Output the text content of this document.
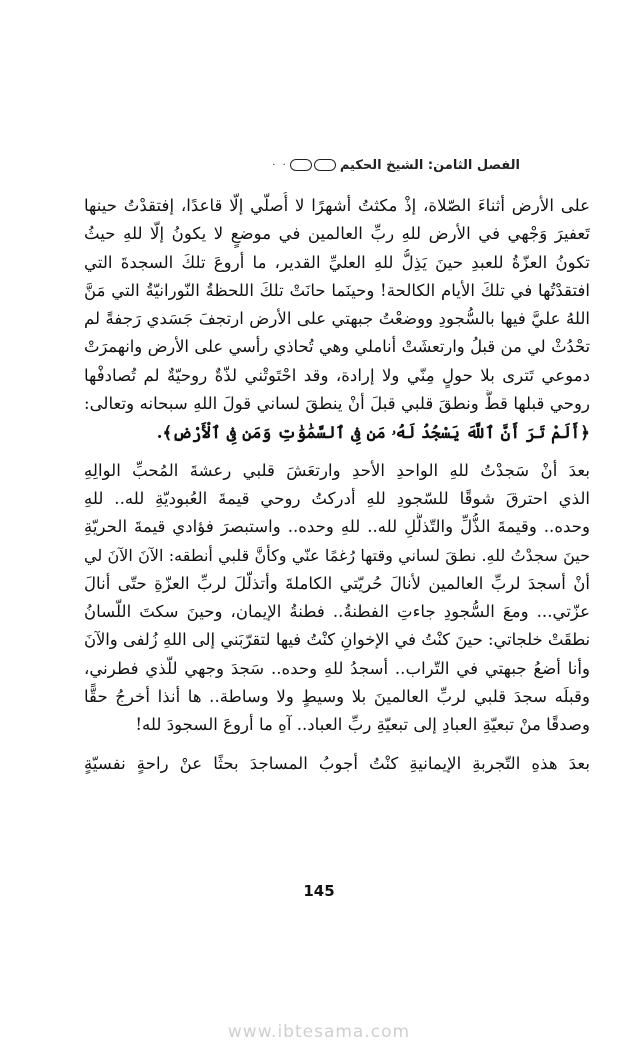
الفصل الثامن: الشيخ الحكيم
· ·
على الأرض أثناءَ الصّلاة، إذْ مكثتُ أشهرًا لا أُصلّي إلّا قاعدًا، إفتقدْتُ حينها
تَعفيرَ وَجْهي في الأرض للهِ ربِّ العالمين في موضعٍ لا يكونُ إلّا للهِ حيثُ
تكونُ العزّةُ للعبدِ حينَ يَذِلُّ للهِ العليِّ القدير، ما أروعَ تلكَ السجدةَ التي
افتقدْتُها في تلكَ الأيام الكالحة! وحينَما حانَتْ تلكَ اللحظةُ النّورانيّةُ التي مَنَّ
اللهُ عليَّ فيها بالسُّجودِ ووضعْتُ جبهتي على الأرض ارتجفَ جَسَدي رَجفةً لم
تحْدُثْ لي من قبلُ وارتعشَتْ أناملي وهي تُحاذي رأسي على الأرض وانهمرَتْ
دموعي تَترى بلا حولٍ مِنّي ولا إرادة، وقد احْتَوتْني لذّةٌ روحيّةٌ لم تُصادفْها
روحي قبلها قطُّ ونطقَ قلبي قبلَ أنْ ينطقَ لساني قولَ اللهِ سبحانه وتعالى:
﴿أَلَمْ تَرَ أَنَّ ٱللَّهَ يَسْجُدُ لَهُۥ مَن فِى ٱلسَّمَٰوَٰتِ وَمَن فِى ٱلْأَرْضِ﴾.
بعدَ أنْ سَجدْتُ للهِ الواحدِ الأحدِ وارتعَشَ قلبي رعشةَ المُحبِّ الوالِهِ
الذي احترقَ شوقًا للسّجودِ للهِ أدركتُ روحي قيمةَ العُبوديّةِ لله.. للهِ
وحده.. وقيمةَ الذُّلِّ والتّذلُّلِ لله.. للهِ وحده.. واستبصرَ فؤادي قيمةَ الحريّةِ
حينَ سجدْتُ للهِ. نطقَ لساني وقتها رُغمًا عنّي وكأنَّ قلبي أنطقه: الآنَ الآنَ لي
أنْ أسجدَ لربِّ العالمين لأنالَ حُريّتي الكاملةَ وأتذلّلَ لربِّ العزّةِ حتّى أنالَ
عزّتي... ومعَ السُّجودِ جاءتِ الفطنةُ.. فطنةُ الإيمان، وحينَ سكتَ اللّسانُ
نطقَتْ خلجاتي: حينَ كنْتُ في الإخوانِ كنْتُ فيها لتقرّبَني إلى اللهِ زُلفى والآنَ
وأنا أضعُ جبهتي في التّراب.. أسجدُ للهِ وحده.. سَجدَ وجهي للّذي فطرني،
وقبلَه سجدَ قلبي لربِّ العالمينَ بلا وسيطٍ ولا وساطة.. ها أنذا أخرجُ حقًّا
وصدقًا منْ تبعيّةِ العبادِ إلى تبعيّةِ ربِّ العباد.. آهِ ما أروعَ السجودَ لله!
بعدَ هذهِ التّجربةِ الإيمانيةِ كنْتُ أجوبُ المساجدَ بحثًا عنْ راحةٍ نفسيّةٍ
145
www.ibtesama.com
